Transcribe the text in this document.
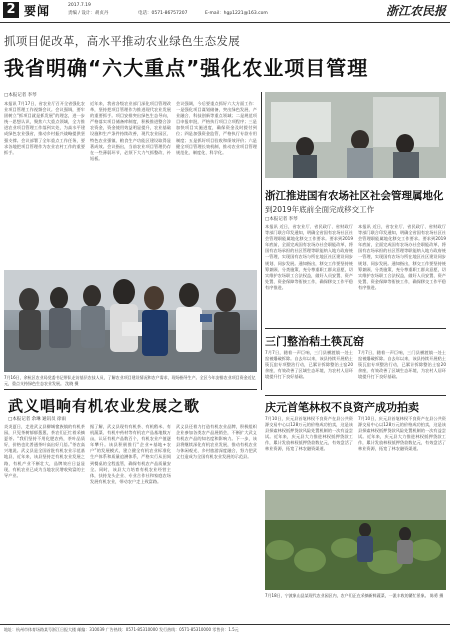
2 要闻	2017.7.19
责编 / 设计：胡贞丹	电话：0571-86757207	E-mail：hgp1221@163.com	浙江农民报
抓项目促改革，高水平推动农业绿色生态发展
我省明确“六大重点”强化农业项目管理
□本报记者 李琴
本报讯 7月17日，省农业厅召开全省强化农业项目管理工作视频会议。会议强调，要牢固树立“抓项目就是抓发展”的理念，进一步统一思想认识，聚焦六大重点领域，全力推进农业项目管理工作落到实处，为高水平建成绿色农业强省，推动乡村振兴战略提供坚强支撑。会议部署了全年重点工作任务，要求各地把项目管理作为农业农村工作的重要抓手。
近年来，我省各级农业部门深化项目管理改革，坚持把项目管理作为推进现代农业发展的重要抓手。项目安排突出绿色生态导向，严格落实项目储备库制度，积极推进整合涉农资金，资金使用效益明显提升，农业基础设施和生产条件持续改善，现代农业园区、特色农业强镇、粮食生产功能区建设取得显著成效。会议指出，当前农业项目管理仍存在一些薄弱环节，必须下大力气抓整改、补短板。
会议强调，今后要重点抓好六大方面工作：一是强化项目谋划储备，突出绿色发展、产业融合、科技创新等重点领域；二是规范项目申报审批，严格执行项目立项程序；三是加快项目实施进度，确保资金及时拨付到位；四是加强资金监管，严格执行专款专用制度；五是抓好项目验收和绩效评价；六是健全项目管理长效机制，推动农业项目管理规范化、制度化、科学化。
7月16日，余杭区农业局党委书记带队走访基层农技人员，了解农业项目建设情况和农户需求，现场指导生产。全区今年安排农业项目资金近亿元，重点支持绿色生态农业发展。 沈晓 摄
浙江推进国有农场社区社会管理属地化
到2019年底前全面完成移交工作
□本报记者 李琴
本报讯 近日，省农业厅、省民政厅、省财政厅等部门联合印发通知，明确全省国有农场社区社会管理职能属地化移交工作要求。要求到2019年底前，全面完成国有农场办社会职能改革，将国有农场承担的社区管理等职能纳入地方政府统一管理，实现国有农场与所在地区社区建设同步规划、同步发展。通知指出，移交工作要坚持统筹兼顾、分类施策，充分尊重职工群众意愿，切实维护农场职工合法权益，做好人员安置、资产处置、资金保障等衔接工作，确保移交工作平稳有序推进。
本报讯 近日，省农业厅、省民政厅、省财政厅等部门联合印发通知，明确全省国有农场社区社会管理职能属地化移交工作要求。要求到2019年底前，全面完成国有农场办社会职能改革，将国有农场承担的社区管理等职能纳入地方政府统一管理，实现国有农场与所在地区社区建设同步规划、同步发展。通知指出，移交工作要坚持统筹兼顾、分类施策，充分尊重职工群众意愿，切实维护农场职工合法权益，做好人员安置、资产处置、资金保障等衔接工作，确保移交工作平稳有序推进。
三门整治秸土筷瓦窑
7月7日，随着一声巨响，三门县横渡镇一处土窑被爆破拆除。自去年以来，该县持续开展秸土筷瓦窑专项整治行动，已累计拆除整治土窑20余座，有效改善了区域生态环境，为农村人居环境提升打下良好基础。
7月7日，随着一声巨响，三门县横渡镇一处土窑被爆破拆除。自去年以来，该县持续开展秸土筷瓦窑专项整治行动，已累计拆除整治土窑20余座，有效改善了区域生态环境，为农村人居环境提升打下良好基础。
庆元首笔林权不良资产成功拍卖
7月10日，庆元县首笔林权不良资产在县公共资源交易中心以128万元的价格成功拍卖，这是该县探索林权抵押贷款风险处置机制的一次有益尝试。近年来，庆元县大力推进林权抵押贷款工作，累计发放林权抵押贷款数亿元，有效盘活了林业资源，拓宽了林农融资渠道。
7月10日，庆元县首笔林权不良资产在县公共资源交易中心以128万元的价格成功拍卖，这是该县探索林权抵押贷款风险处置机制的一次有益尝试。近年来，庆元县大力推进林权抵押贷款工作，累计发放林权抵押贷款数亿元，有效盘活了林业资源，拓宽了林农融资渠道。
武义唱响有机农业发展之歌
□本报记者 余琳 通讯员 徐雨
炎炎夏日，走进武义县柳城畲族镇的有机茶园，只见茶树郁郁葱葱，茶农们正忙着采摘夏茶。“我们坚持不用化肥农药，茶叶品质好，价格也比普通茶叶高出好几倍。”茶农高兴地说。武义县是全国首批有机农业示范基地县，近年来，该县坚持走有机农业发展之路，有机产业不断壮大，品牌效应日益显现，有机农业已成为当地农民增收致富的主导产业。
据了解，武义县现有有机茶、有机稻米、有机蔬菜、有机中药材等有机农产品基地数万亩，认证有机产品数百个，有机农业产值逐年攀升。该县积极推行“企业+基地+农户”的发展模式，建立健全有机农业标准化生产体系和质量追溯体系，严格实行从田间到餐桌的全程监管，确保有机农产品质量安全。同时，该县大力培育有机农业经营主体，扶持龙头企业、专业合作社和家庭农场发展有机农业，带动农户走上致富路。
武义县还着力打造有机农业品牌，积极组织企业参加各类农产品展销会，不断扩大武义有机农产品的知名度和影响力。下一步，该县将继续深化有机农业发展，推动有机农业与休闲观光、乡村旅游深度融合，努力把武义打造成为全国有机农业发展的示范县。
7月18日，宁波象山县某现代农业园区内，农户们正在采摘新鲜蔬菜，一派丰收的繁忙景象。 陈勇 摄
地址：杭州市体育场路某号浙江日报大楼 邮编：310039 广告热线：0571-85310000 发行热线：0571-85310000 零售价：1.5元
